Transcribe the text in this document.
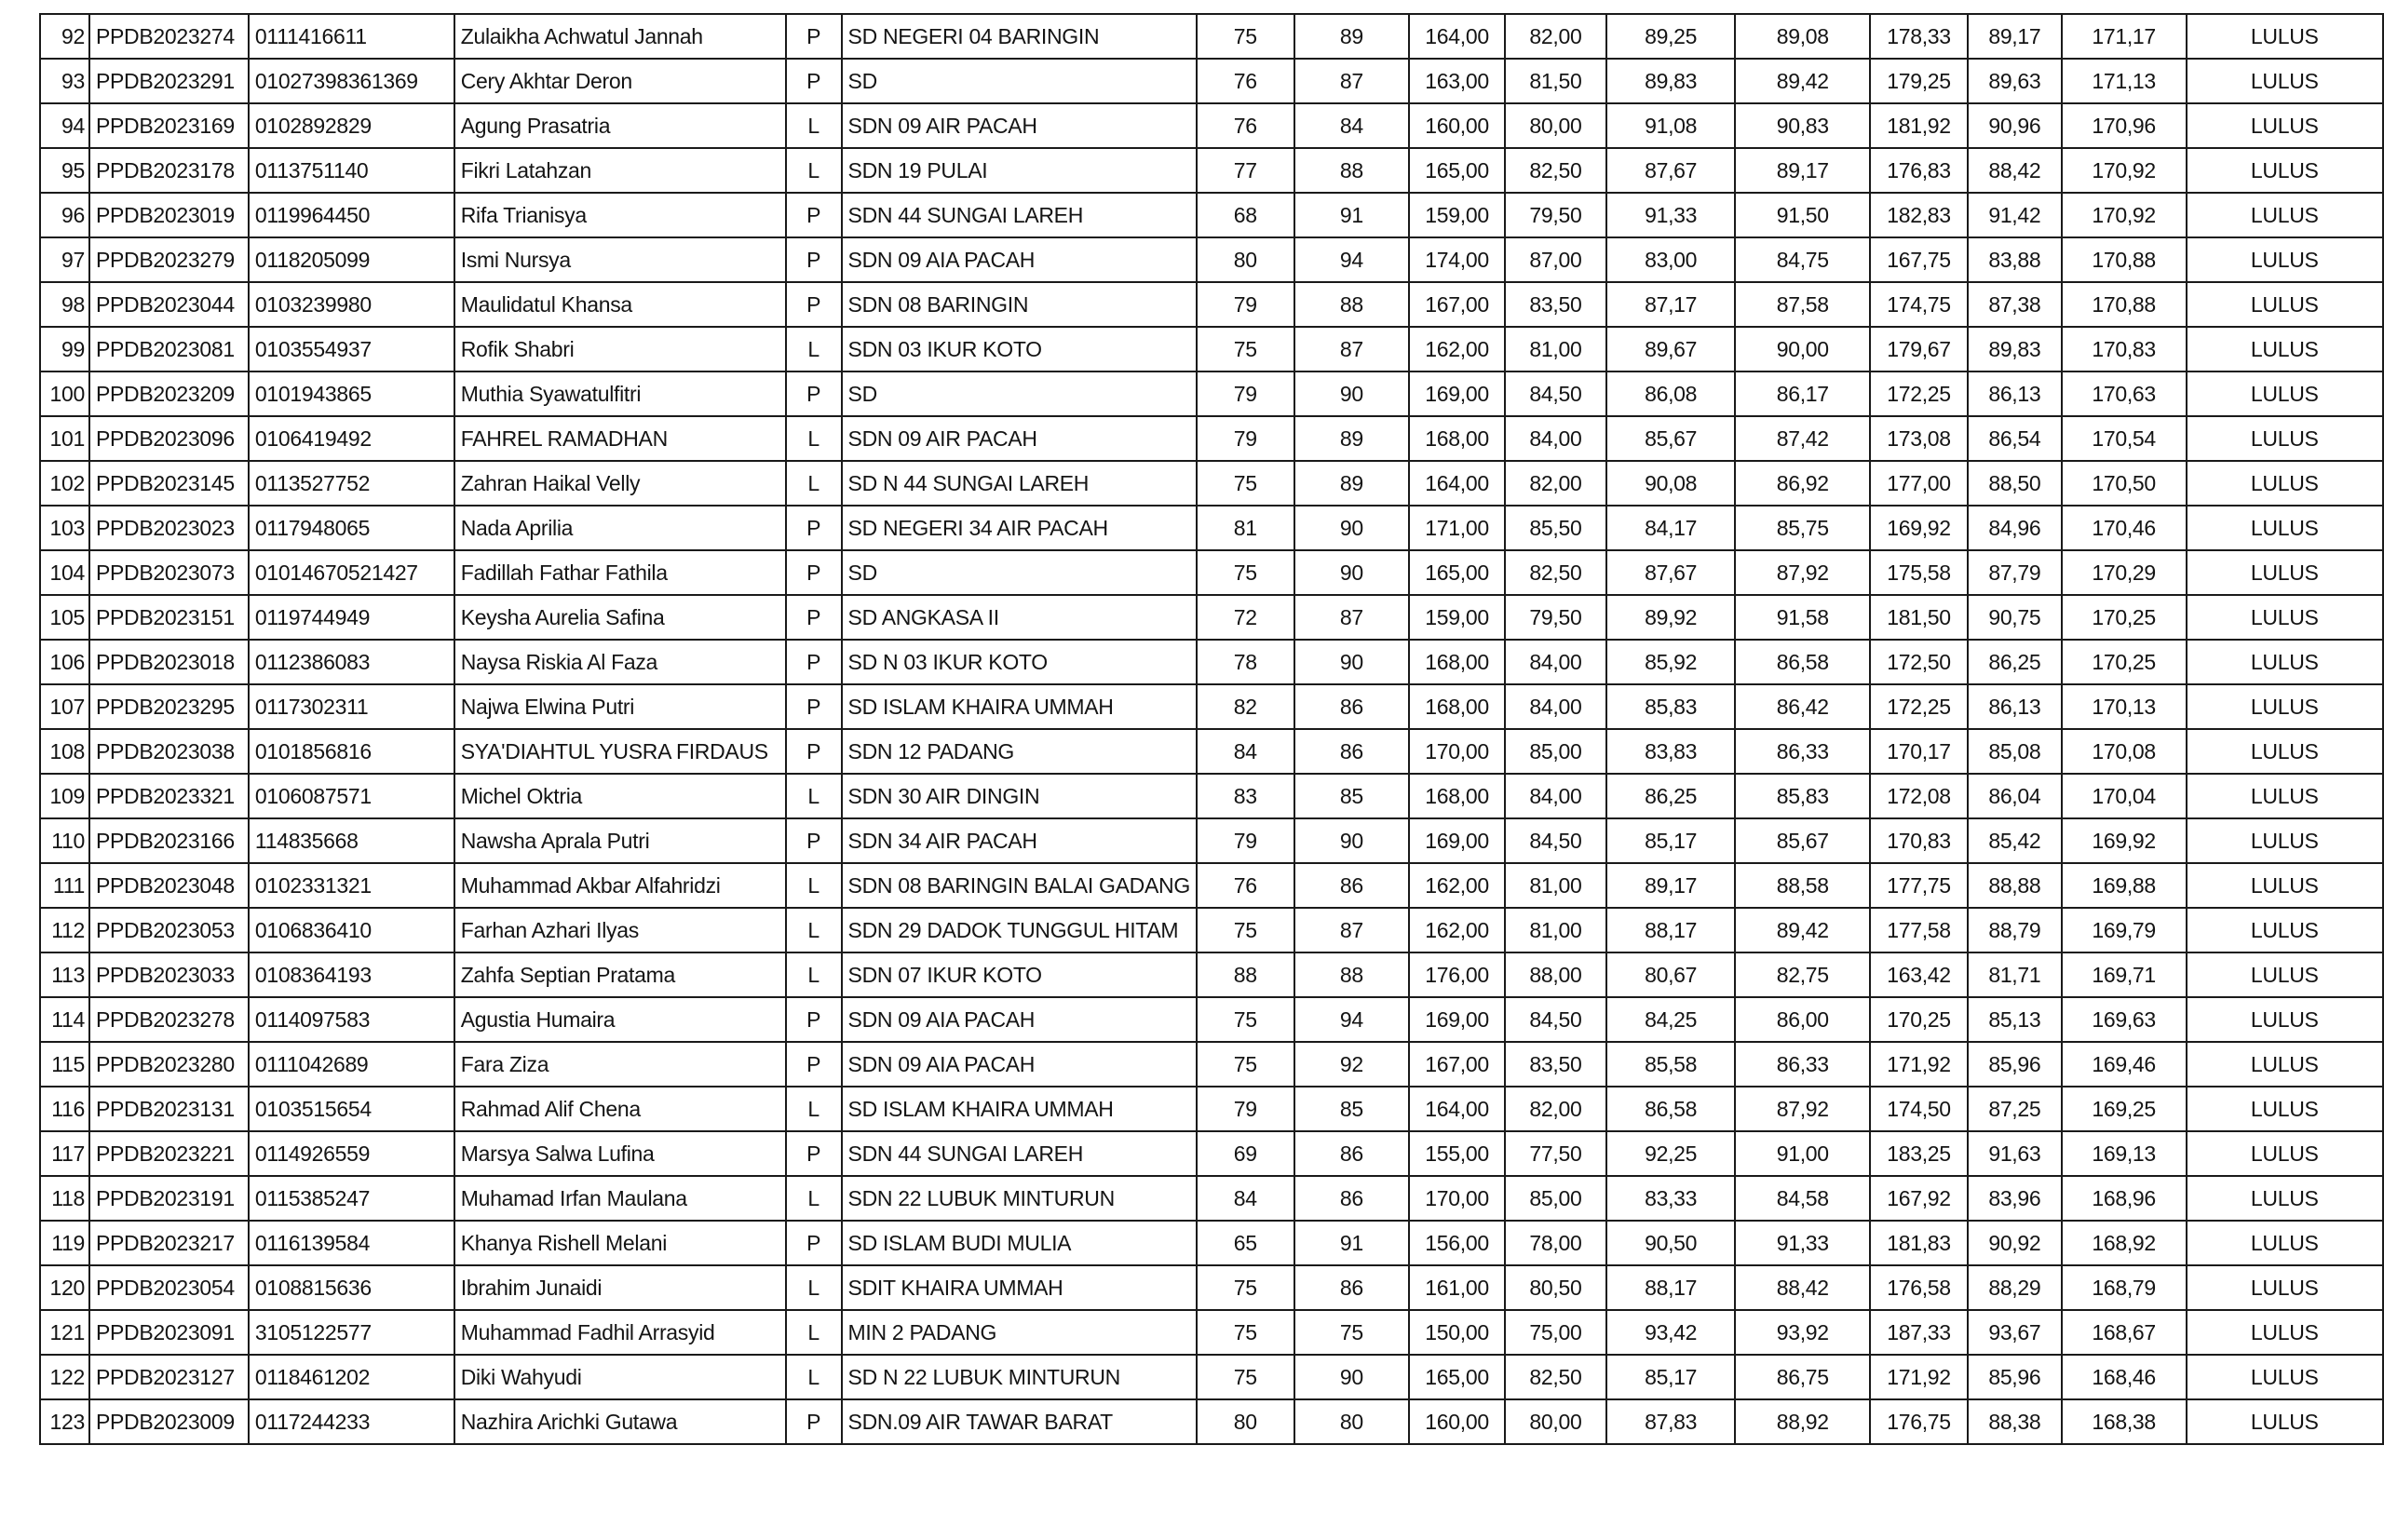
92	PPDB2023274	0111416611	Zulaikha Achwatul Jannah	P	SD NEGERI 04 BARINGIN	75	89	164,00	82,00	89,25	89,08	178,33	89,17	171,17	LULUS
93	PPDB2023291	01027398361369	Cery Akhtar Deron	P	SD	76	87	163,00	81,50	89,83	89,42	179,25	89,63	171,13	LULUS
94	PPDB2023169	0102892829	Agung Prasatria	L	SDN 09 AIR PACAH	76	84	160,00	80,00	91,08	90,83	181,92	90,96	170,96	LULUS
95	PPDB2023178	0113751140	Fikri Latahzan	L	SDN 19 PULAI	77	88	165,00	82,50	87,67	89,17	176,83	88,42	170,92	LULUS
96	PPDB2023019	0119964450	Rifa Trianisya	P	SDN 44 SUNGAI LAREH	68	91	159,00	79,50	91,33	91,50	182,83	91,42	170,92	LULUS
97	PPDB2023279	0118205099	Ismi Nursya	P	SDN 09 AIA PACAH	80	94	174,00	87,00	83,00	84,75	167,75	83,88	170,88	LULUS
98	PPDB2023044	0103239980	Maulidatul Khansa	P	SDN 08 BARINGIN	79	88	167,00	83,50	87,17	87,58	174,75	87,38	170,88	LULUS
99	PPDB2023081	0103554937	Rofik Shabri	L	SDN 03 IKUR KOTO	75	87	162,00	81,00	89,67	90,00	179,67	89,83	170,83	LULUS
100	PPDB2023209	0101943865	Muthia Syawatulfitri	P	SD	79	90	169,00	84,50	86,08	86,17	172,25	86,13	170,63	LULUS
101	PPDB2023096	0106419492	FAHREL RAMADHAN	L	SDN 09 AIR PACAH	79	89	168,00	84,00	85,67	87,42	173,08	86,54	170,54	LULUS
102	PPDB2023145	0113527752	Zahran Haikal Velly	L	SD N 44 SUNGAI LAREH	75	89	164,00	82,00	90,08	86,92	177,00	88,50	170,50	LULUS
103	PPDB2023023	0117948065	Nada Aprilia	P	SD NEGERI 34 AIR PACAH	81	90	171,00	85,50	84,17	85,75	169,92	84,96	170,46	LULUS
104	PPDB2023073	01014670521427	Fadillah Fathar Fathila	P	SD	75	90	165,00	82,50	87,67	87,92	175,58	87,79	170,29	LULUS
105	PPDB2023151	0119744949	Keysha Aurelia Safina	P	SD ANGKASA II	72	87	159,00	79,50	89,92	91,58	181,50	90,75	170,25	LULUS
106	PPDB2023018	0112386083	Naysa Riskia Al Faza	P	SD N 03 IKUR KOTO	78	90	168,00	84,00	85,92	86,58	172,50	86,25	170,25	LULUS
107	PPDB2023295	0117302311	Najwa Elwina Putri	P	SD ISLAM KHAIRA UMMAH	82	86	168,00	84,00	85,83	86,42	172,25	86,13	170,13	LULUS
108	PPDB2023038	0101856816	SYA'DIAHTUL YUSRA FIRDAUS	P	SDN 12 PADANG	84	86	170,00	85,00	83,83	86,33	170,17	85,08	170,08	LULUS
109	PPDB2023321	0106087571	Michel Oktria	L	SDN 30 AIR DINGIN	83	85	168,00	84,00	86,25	85,83	172,08	86,04	170,04	LULUS
110	PPDB2023166	114835668	Nawsha Aprala Putri	P	SDN 34 AIR PACAH	79	90	169,00	84,50	85,17	85,67	170,83	85,42	169,92	LULUS
111	PPDB2023048	0102331321	Muhammad Akbar Alfahridzi	L	SDN 08 BARINGIN BALAI GADANG	76	86	162,00	81,00	89,17	88,58	177,75	88,88	169,88	LULUS
112	PPDB2023053	0106836410	Farhan Azhari Ilyas	L	SDN 29 DADOK TUNGGUL HITAM	75	87	162,00	81,00	88,17	89,42	177,58	88,79	169,79	LULUS
113	PPDB2023033	0108364193	Zahfa Septian Pratama	L	SDN 07 IKUR KOTO	88	88	176,00	88,00	80,67	82,75	163,42	81,71	169,71	LULUS
114	PPDB2023278	0114097583	Agustia Humaira	P	SDN 09 AIA PACAH	75	94	169,00	84,50	84,25	86,00	170,25	85,13	169,63	LULUS
115	PPDB2023280	0111042689	Fara Ziza	P	SDN 09 AIA PACAH	75	92	167,00	83,50	85,58	86,33	171,92	85,96	169,46	LULUS
116	PPDB2023131	0103515654	Rahmad Alif Chena	L	SD ISLAM KHAIRA UMMAH	79	85	164,00	82,00	86,58	87,92	174,50	87,25	169,25	LULUS
117	PPDB2023221	0114926559	Marsya Salwa Lufina	P	SDN 44 SUNGAI LAREH	69	86	155,00	77,50	92,25	91,00	183,25	91,63	169,13	LULUS
118	PPDB2023191	0115385247	Muhamad Irfan Maulana	L	SDN 22 LUBUK MINTURUN	84	86	170,00	85,00	83,33	84,58	167,92	83,96	168,96	LULUS
119	PPDB2023217	0116139584	Khanya Rishell Melani	P	SD ISLAM BUDI MULIA	65	91	156,00	78,00	90,50	91,33	181,83	90,92	168,92	LULUS
120	PPDB2023054	0108815636	Ibrahim Junaidi	L	SDIT KHAIRA UMMAH	75	86	161,00	80,50	88,17	88,42	176,58	88,29	168,79	LULUS
121	PPDB2023091	3105122577	Muhammad Fadhil Arrasyid	L	MIN 2 PADANG	75	75	150,00	75,00	93,42	93,92	187,33	93,67	168,67	LULUS
122	PPDB2023127	0118461202	Diki Wahyudi	L	SD N 22 LUBUK MINTURUN	75	90	165,00	82,50	85,17	86,75	171,92	85,96	168,46	LULUS
123	PPDB2023009	0117244233	Nazhira Arichki Gutawa	P	SDN.09 AIR TAWAR BARAT	80	80	160,00	80,00	87,83	88,92	176,75	88,38	168,38	LULUS
